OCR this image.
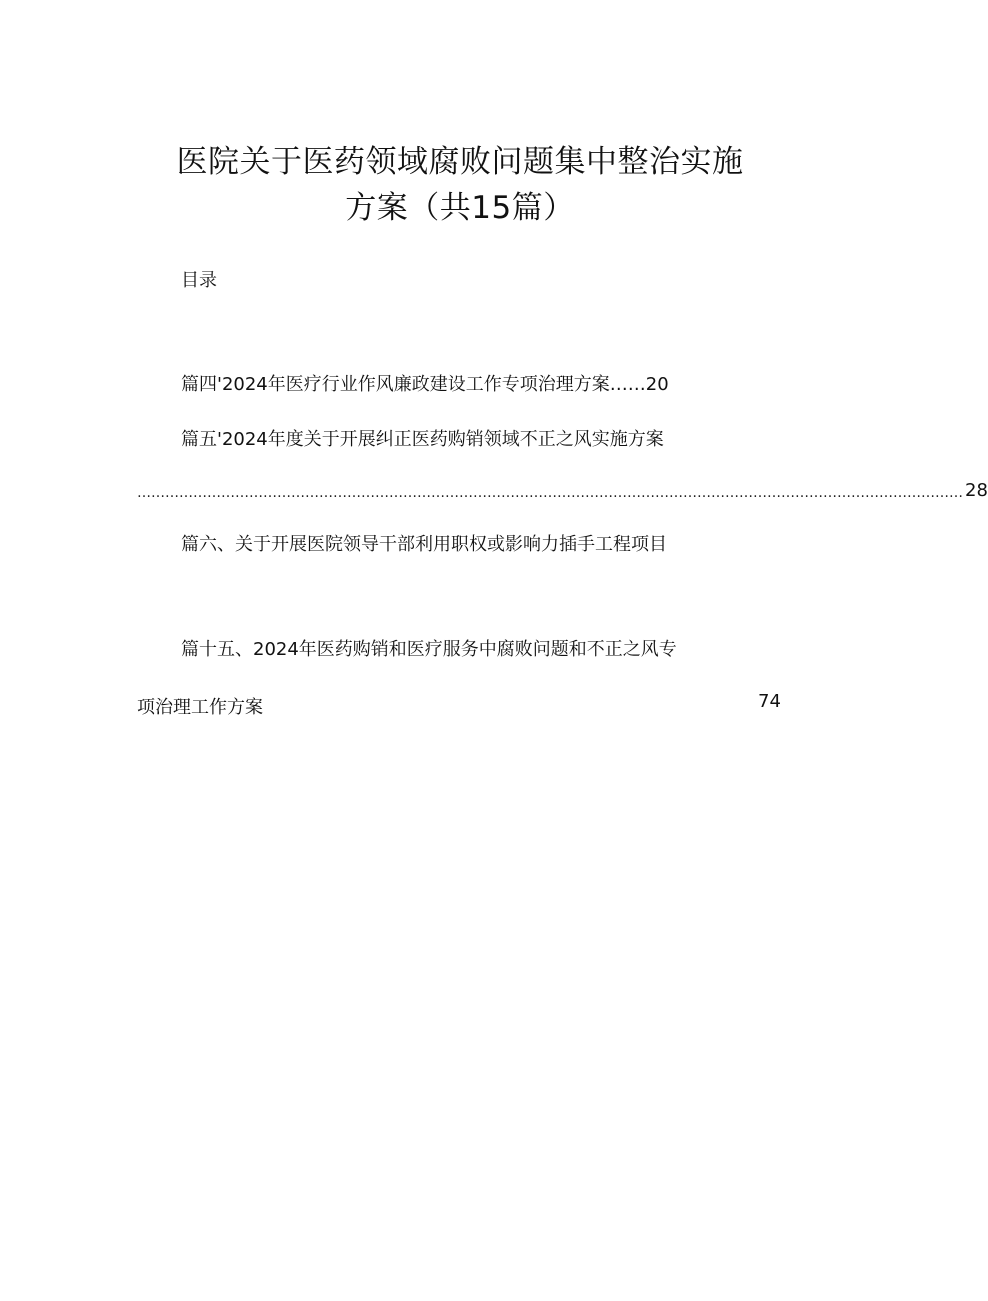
医院关于医药领域腐败问题集中整治实施
方案（共15篇）
目录
篇四'2024年医疗行业作风廉政建设工作专项治理方案……20
篇五'2024年度关于开展纠正医药购销领域不正之风实施方案
…………………………………………………………………………………………………………………………………………………………… 28
篇六、关于开展医院领导干部利用职权或影响力插手工程项目
篇十五、2024年医药购销和医疗服务中腐败问题和不正之风专
项治理工作方案	74
